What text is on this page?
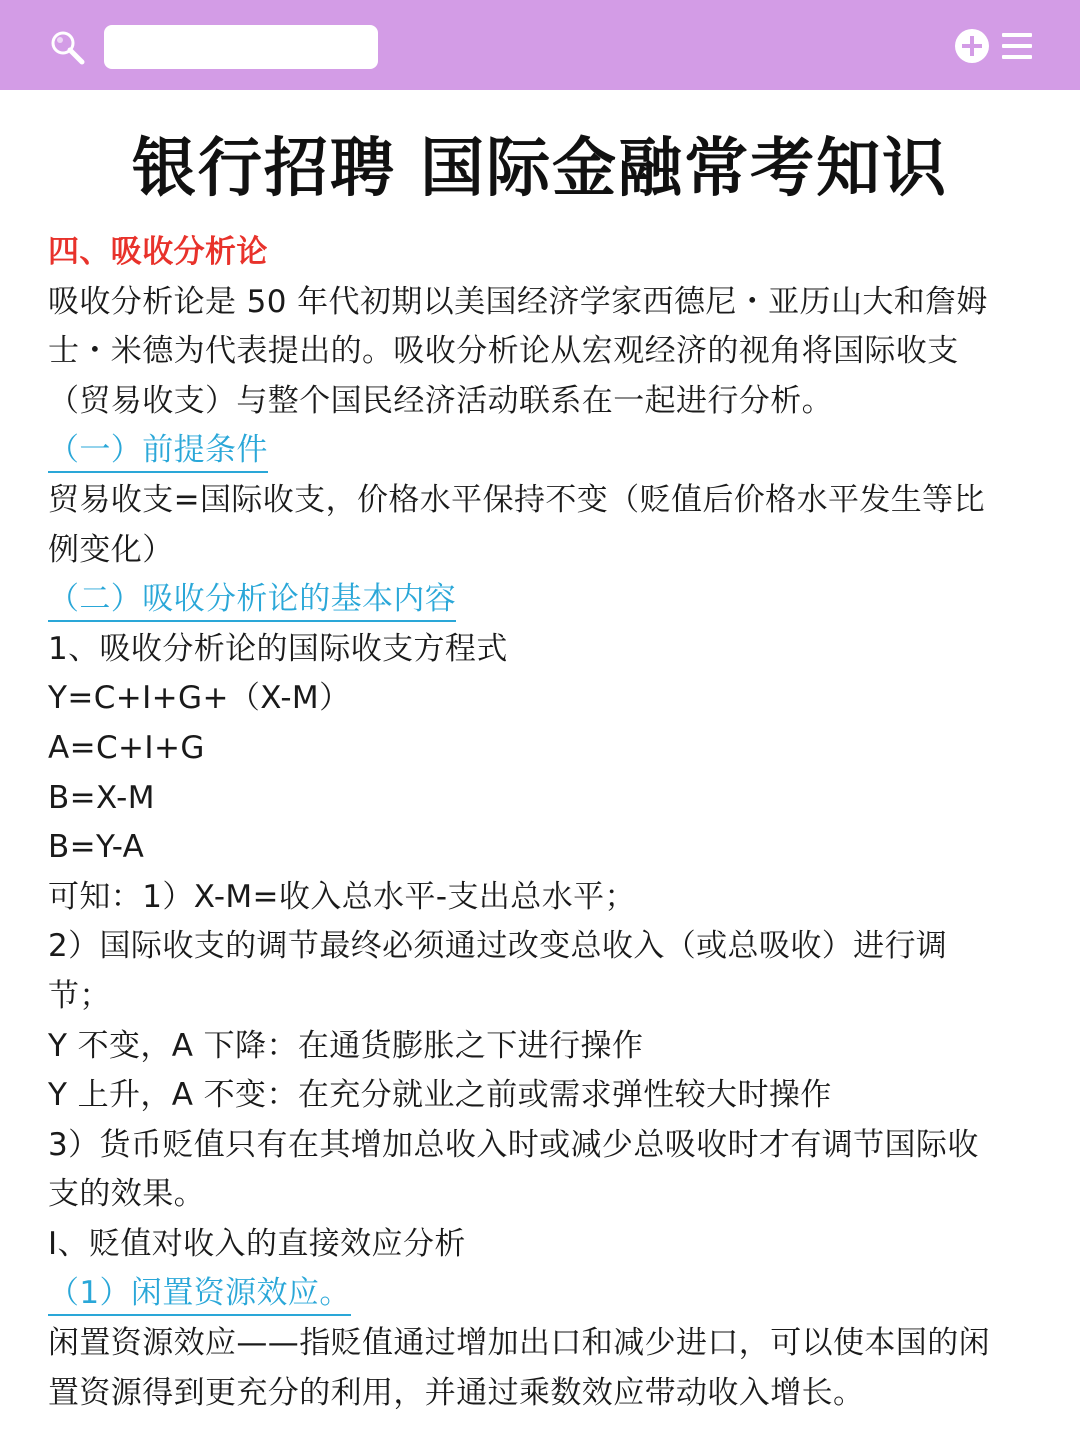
银行招聘 国际金融常考知识
四、吸收分析论
吸收分析论是 50 年代初期以美国经济学家西德尼・亚历山大和詹姆
士・米德为代表提出的。吸收分析论从宏观经济的视角将国际收支
（贸易收支）与整个国民经济活动联系在一起进行分析。
（一）前提条件
贸易收支=国际收支，价格水平保持不变（贬值后价格水平发生等比
例变化）
（二）吸收分析论的基本内容
1、吸收分析论的国际收支方程式
Y=C+I+G+（X-M）
A=C+I+G
B=X-M
B=Y-A
可知：1）X-M=收入总水平-支出总水平；
2）国际收支的调节最终必须通过改变总收入（或总吸收）进行调
节；
Y 不变，A 下降：在通货膨胀之下进行操作
Y 上升，A 不变：在充分就业之前或需求弹性较大时操作
3）货币贬值只有在其增加总收入时或减少总吸收时才有调节国际收
支的效果。
Ⅰ、贬值对收入的直接效应分析
（1）闲置资源效应。
闲置资源效应——指贬值通过增加出口和减少进口，可以使本国的闲
置资源得到更充分的利用，并通过乘数效应带动收入增长。
